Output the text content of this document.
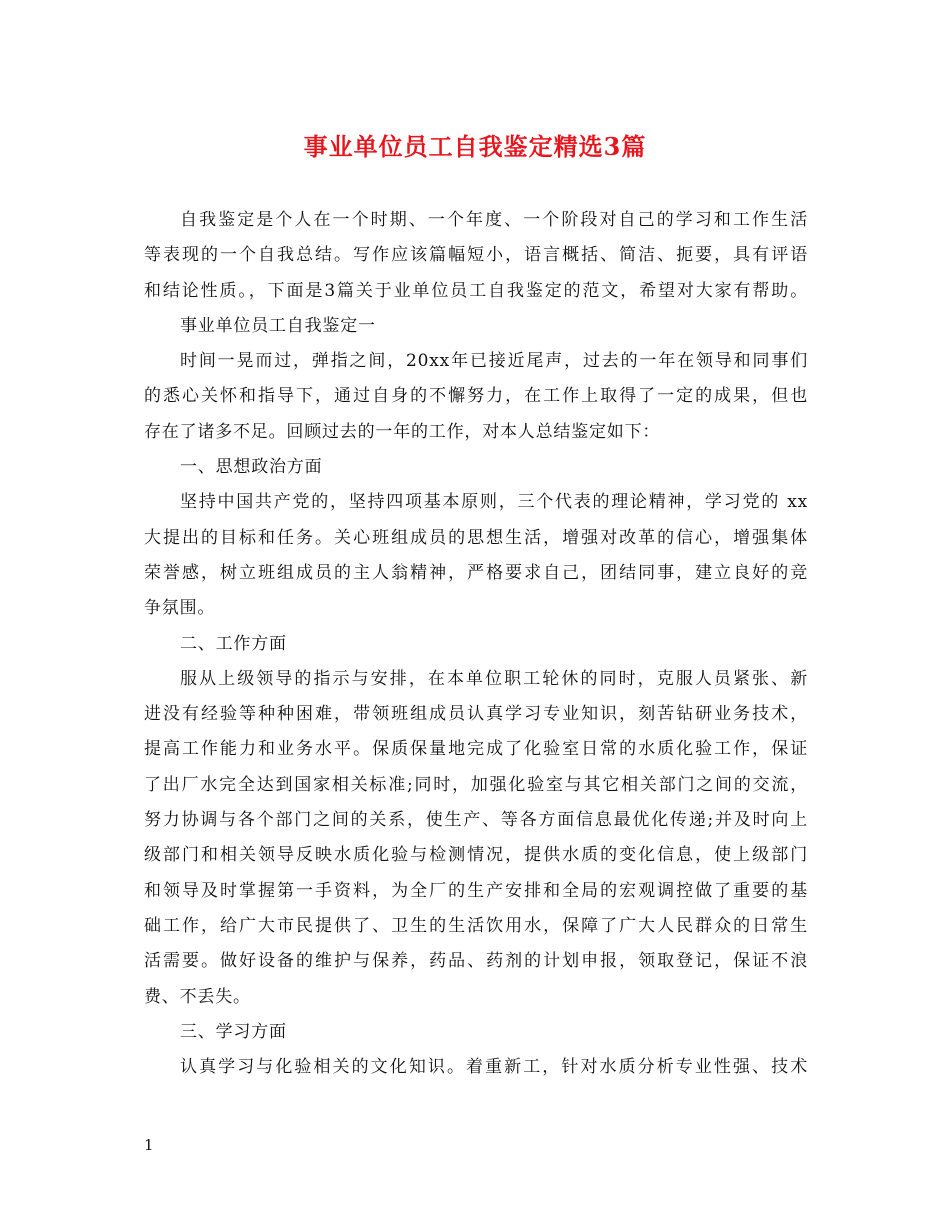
事业单位员工自我鉴定精选3篇
自我鉴定是个人在一个时期、一个年度、一个阶段对自己的学习和工作生活
等表现的一个自我总结。写作应该篇幅短小，语言概括、简洁、扼要，具有评语
和结论性质。，下面是3篇关于业单位员工自我鉴定的范文，希望对大家有帮助。
事业单位员工自我鉴定一
时间一晃而过，弹指之间，20xx年已接近尾声，过去的一年在领导和同事们
的悉心关怀和指导下，通过自身的不懈努力，在工作上取得了一定的成果，但也
存在了诸多不足。回顾过去的一年的工作，对本人总结鉴定如下：
一、思想政治方面
坚持中国共产党的，坚持四项基本原则，三个代表的理论精神，学习党的 xx
大提出的目标和任务。关心班组成员的思想生活，增强对改革的信心，增强集体
荣誉感，树立班组成员的主人翁精神，严格要求自己，团结同事，建立良好的竞
争氛围。
二、工作方面
服从上级领导的指示与安排，在本单位职工轮休的同时，克服人员紧张、新
进没有经验等种种困难，带领班组成员认真学习专业知识，刻苦钻研业务技术，
提高工作能力和业务水平。保质保量地完成了化验室日常的水质化验工作，保证
了出厂水完全达到国家相关标准;同时，加强化验室与其它相关部门之间的交流，
努力协调与各个部门之间的关系，使生产、等各方面信息最优化传递;并及时向上
级部门和相关领导反映水质化验与检测情况，提供水质的变化信息，使上级部门
和领导及时掌握第一手资料，为全厂的生产安排和全局的宏观调控做了重要的基
础工作，给广大市民提供了、卫生的生活饮用水，保障了广大人民群众的日常生
活需要。做好设备的维护与保养，药品、药剂的计划申报，领取登记，保证不浪
费、不丢失。
三、学习方面
认真学习与化验相关的文化知识。着重新工，针对水质分析专业性强、技术
1
